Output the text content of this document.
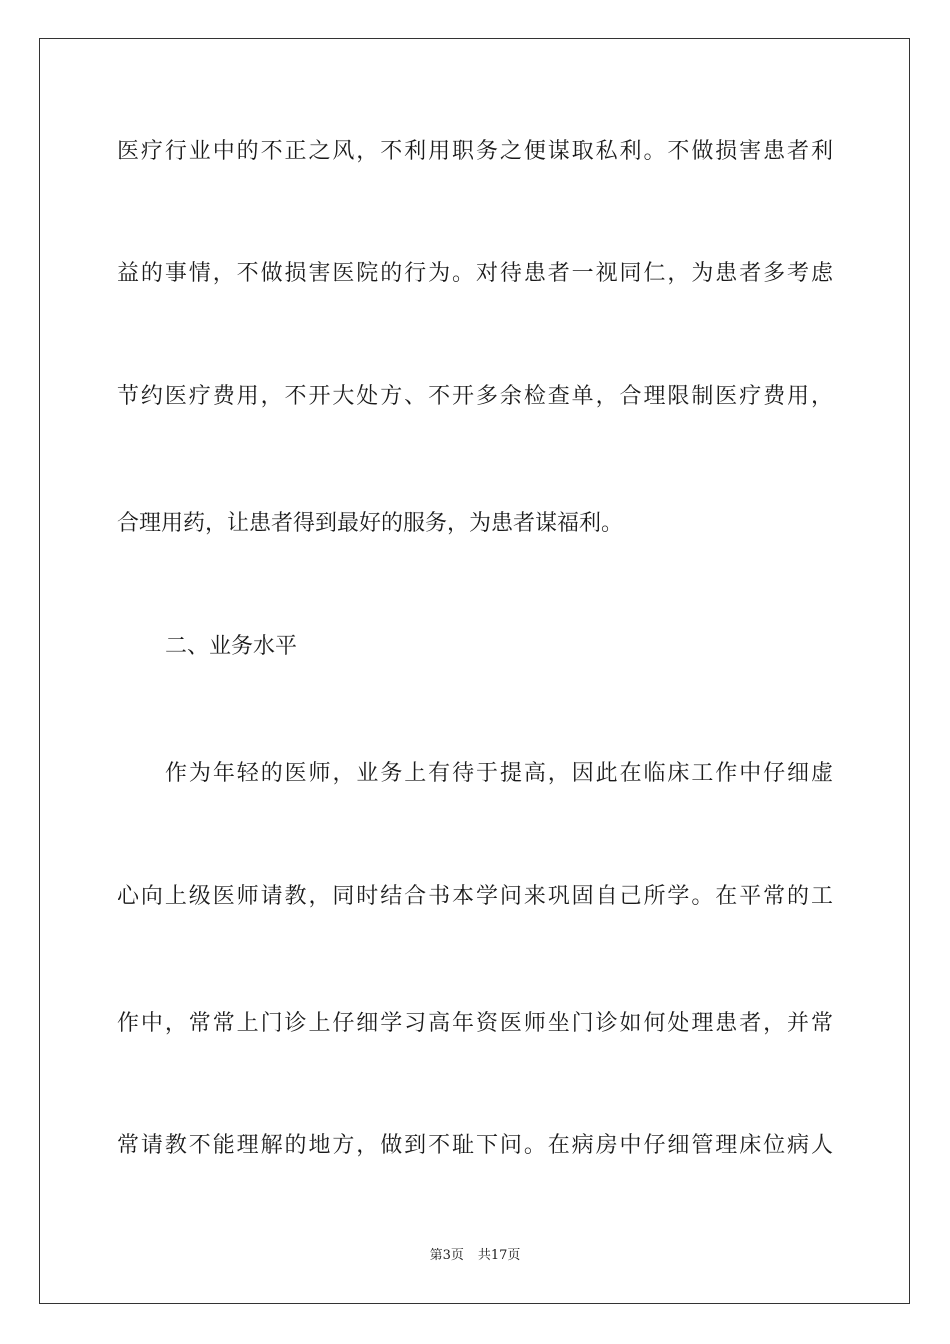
医疗行业中的不正之风，不利用职务之便谋取私利。不做损害患者利
益的事情，不做损害医院的行为。对待患者一视同仁，为患者多考虑
节约医疗费用，不开大处方、不开多余检查单，合理限制医疗费用，
合理用药，让患者得到最好的服务，为患者谋福利。
二、业务水平
作为年轻的医师，业务上有待于提高，因此在临床工作中仔细虚
心向上级医师请教，同时结合书本学问来巩固自己所学。在平常的工
作中，常常上门诊上仔细学习高年资医师坐门诊如何处理患者，并常
常请教不能理解的地方，做到不耻下问。在病房中仔细管理床位病人
第3页 共17页
